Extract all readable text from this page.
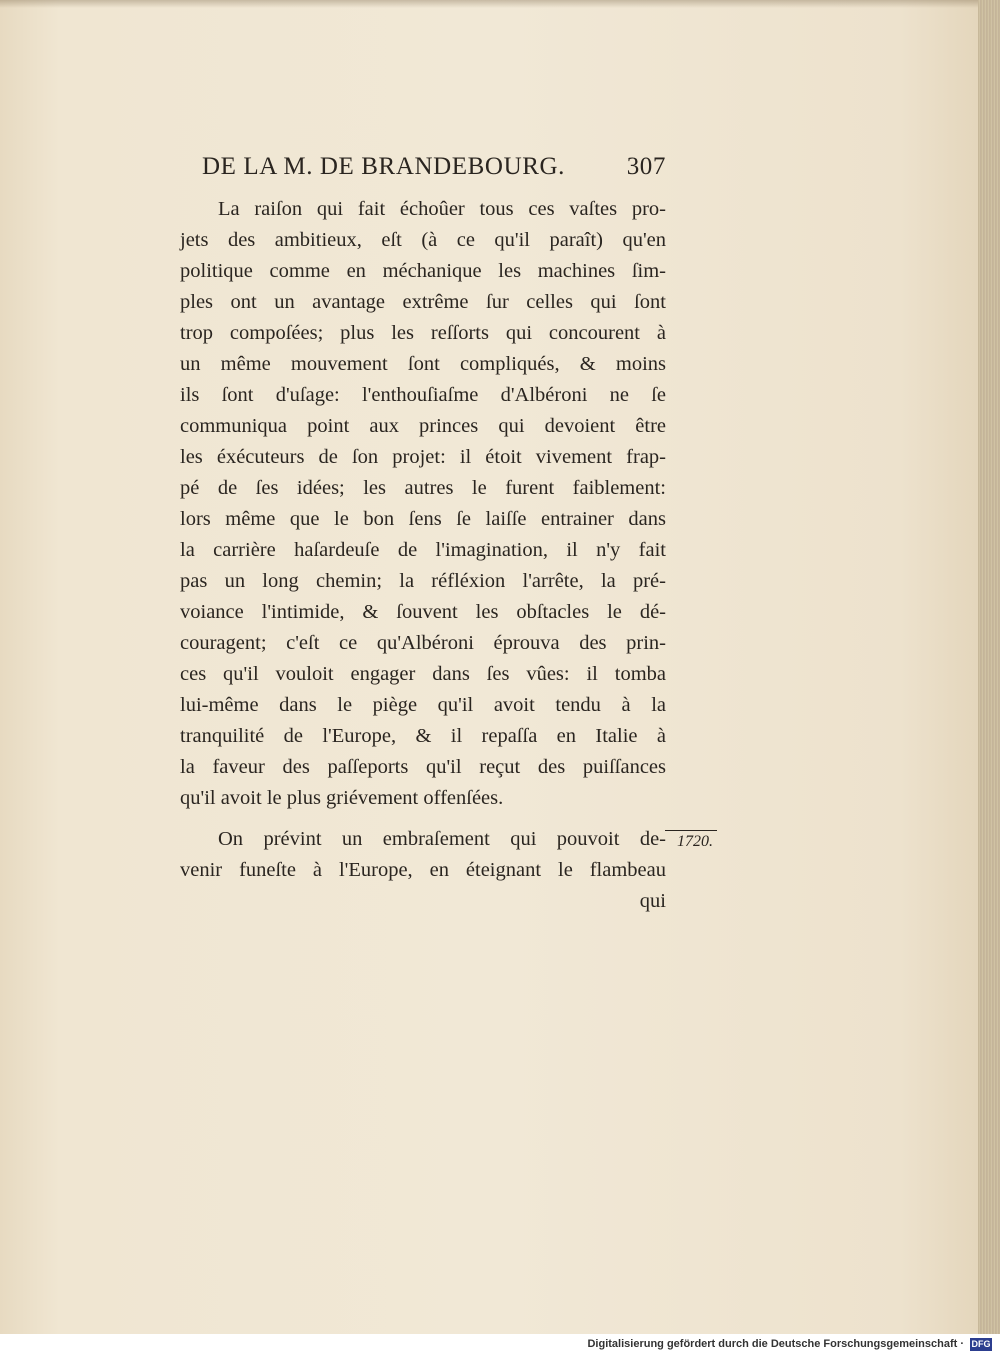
DE LA M. DE BRANDEBOURG. 307
La raiſon qui fait échoûer tous ces vaſtes pro-
jets des ambitieux, eſt (à ce qu'il paraît) qu'en
politique comme en méchanique les machines ſim-
ples ont un avantage extrême ſur celles qui ſont
trop compoſées; plus les reſſorts qui concourent à
un même mouvement ſont compliqués, & moins
ils ſont d'uſage: l'enthouſiaſme d'Albéroni ne ſe
communiqua point aux princes qui devoient être
les éxécuteurs de ſon projet: il étoit vivement frap-
pé de ſes idées; les autres le furent faiblement:
lors même que le bon ſens ſe laiſſe entrainer dans
la carrière haſardeuſe de l'imagination, il n'y fait
pas un long chemin; la réfléxion l'arrête, la pré-
voiance l'intimide, & ſouvent les obſtacles le dé-
couragent; c'eſt ce qu'Albéroni éprouva des prin-
ces qu'il vouloit engager dans ſes vûes: il tomba
lui-même dans le piège qu'il avoit tendu à la
tranquilité de l'Europe, & il repaſſa en Italie à
la faveur des paſſeports qu'il reçut des puiſſances
qu'il avoit le plus griévement offenſées.
On prévint un embraſement qui pouvoit de-
venir funeſte à l'Europe, en éteignant le flambeau
qui
1720.
Digitalisierung gefördert durch die Deutsche Forschungsgemeinschaft · DFG
